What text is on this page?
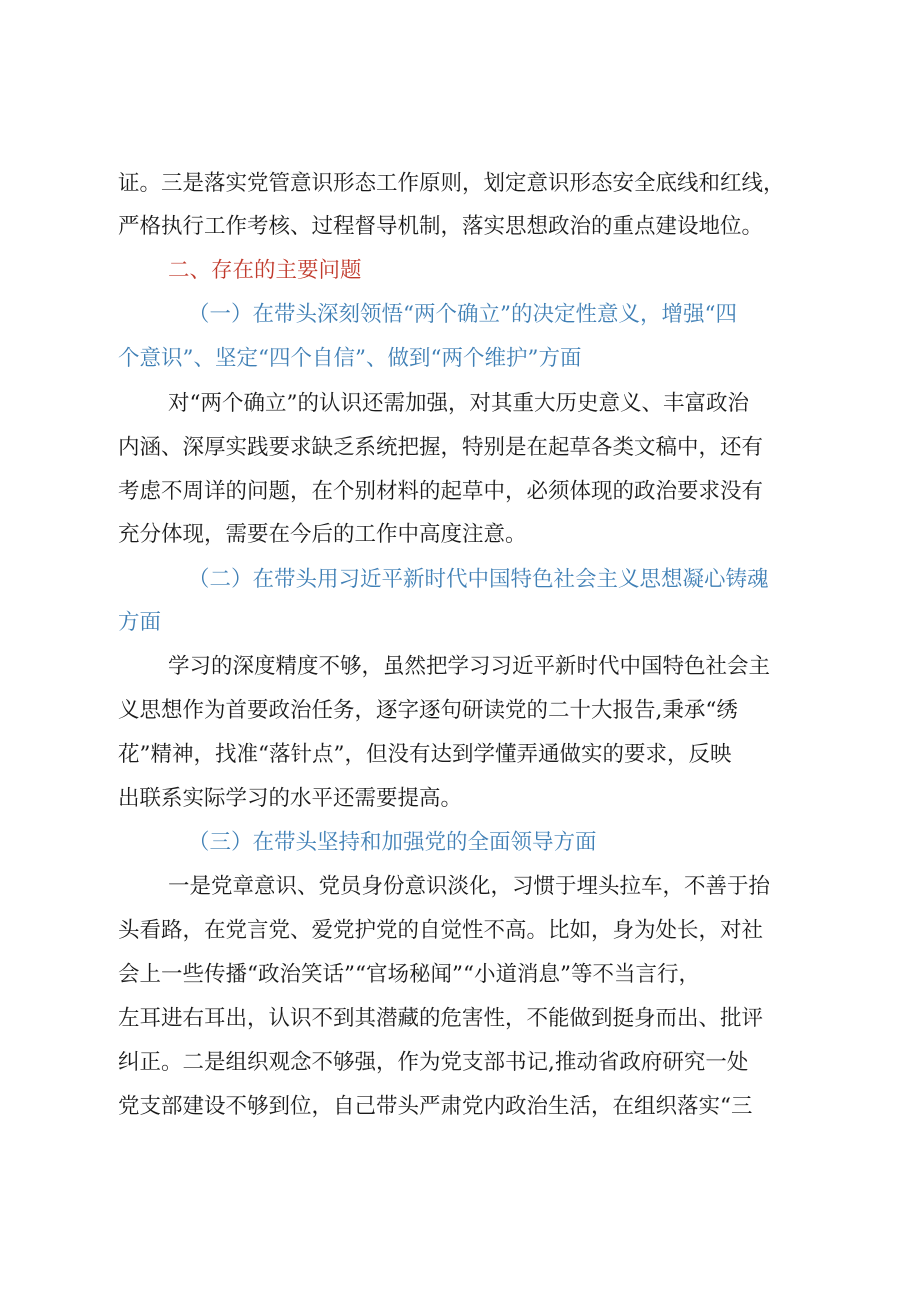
证。三是落实党管意识形态工作原则，划定意识形态安全底线和红线，
严格执行工作考核、过程督导机制，落实思想政治的重点建设地位。
二、存在的主要问题
（一）在带头深刻领悟“两个确立”的决定性意义，增强“四
个意识”、坚定“四个自信”、做到“两个维护”方面
对“两个确立”的认识还需加强，对其重大历史意义、丰富政治
内涵、深厚实践要求缺乏系统把握，特别是在起草各类文稿中，还有
考虑不周详的问题，在个别材料的起草中，必须体现的政治要求没有
充分体现，需要在今后的工作中高度注意。
（二）在带头用习近平新时代中国特色社会主义思想凝心铸魂
方面
学习的深度精度不够，虽然把学习习近平新时代中国特色社会主
义思想作为首要政治任务，逐字逐句研读党的二十大报告,秉承“绣
花”精神，找准“落针点”，但没有达到学懂弄通做实的要求，反映
出联系实际学习的水平还需要提高。
（三）在带头坚持和加强党的全面领导方面
一是党章意识、党员身份意识淡化，习惯于埋头拉车，不善于抬
头看路，在党言党、爱党护党的自觉性不高。比如，身为处长，对社
会上一些传播“政治笑话”“官场秘闻”“小道消息”等不当言行，
左耳进右耳出，认识不到其潜藏的危害性，不能做到挺身而出、批评
纠正。二是组织观念不够强，作为党支部书记,推动省政府研究一处
党支部建设不够到位，自己带头严肃党内政治生活，在组织落实“三
